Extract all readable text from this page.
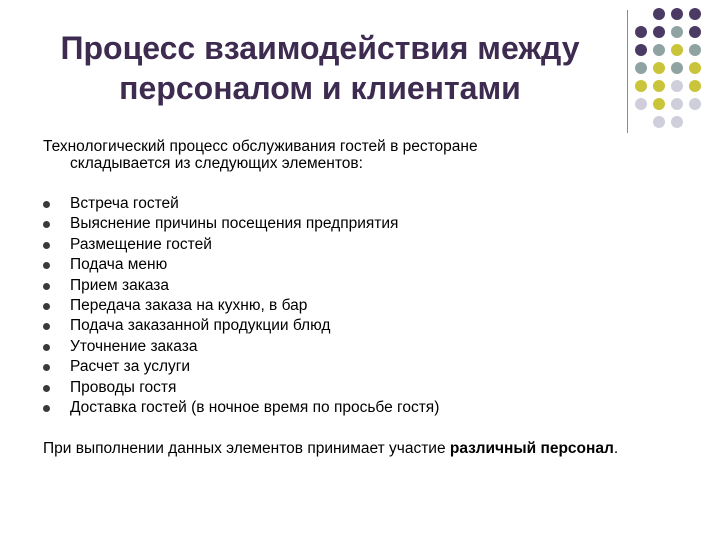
Процесс взаимодействия между
персоналом и клиентами
Технологический процесс обслуживания гостей в ресторане
складывается из следующих элементов:
Встреча гостей
Выяснение причины посещения предприятия
Размещение гостей
Подача меню
Прием заказа
Передача заказа на кухню, в бар
Подача заказанной продукции блюд
Уточнение заказа
Расчет за услуги
Проводы гостя
Доставка гостей (в ночное время по просьбе гостя)
При выполнении данных элементов принимает участие различный персонал.
